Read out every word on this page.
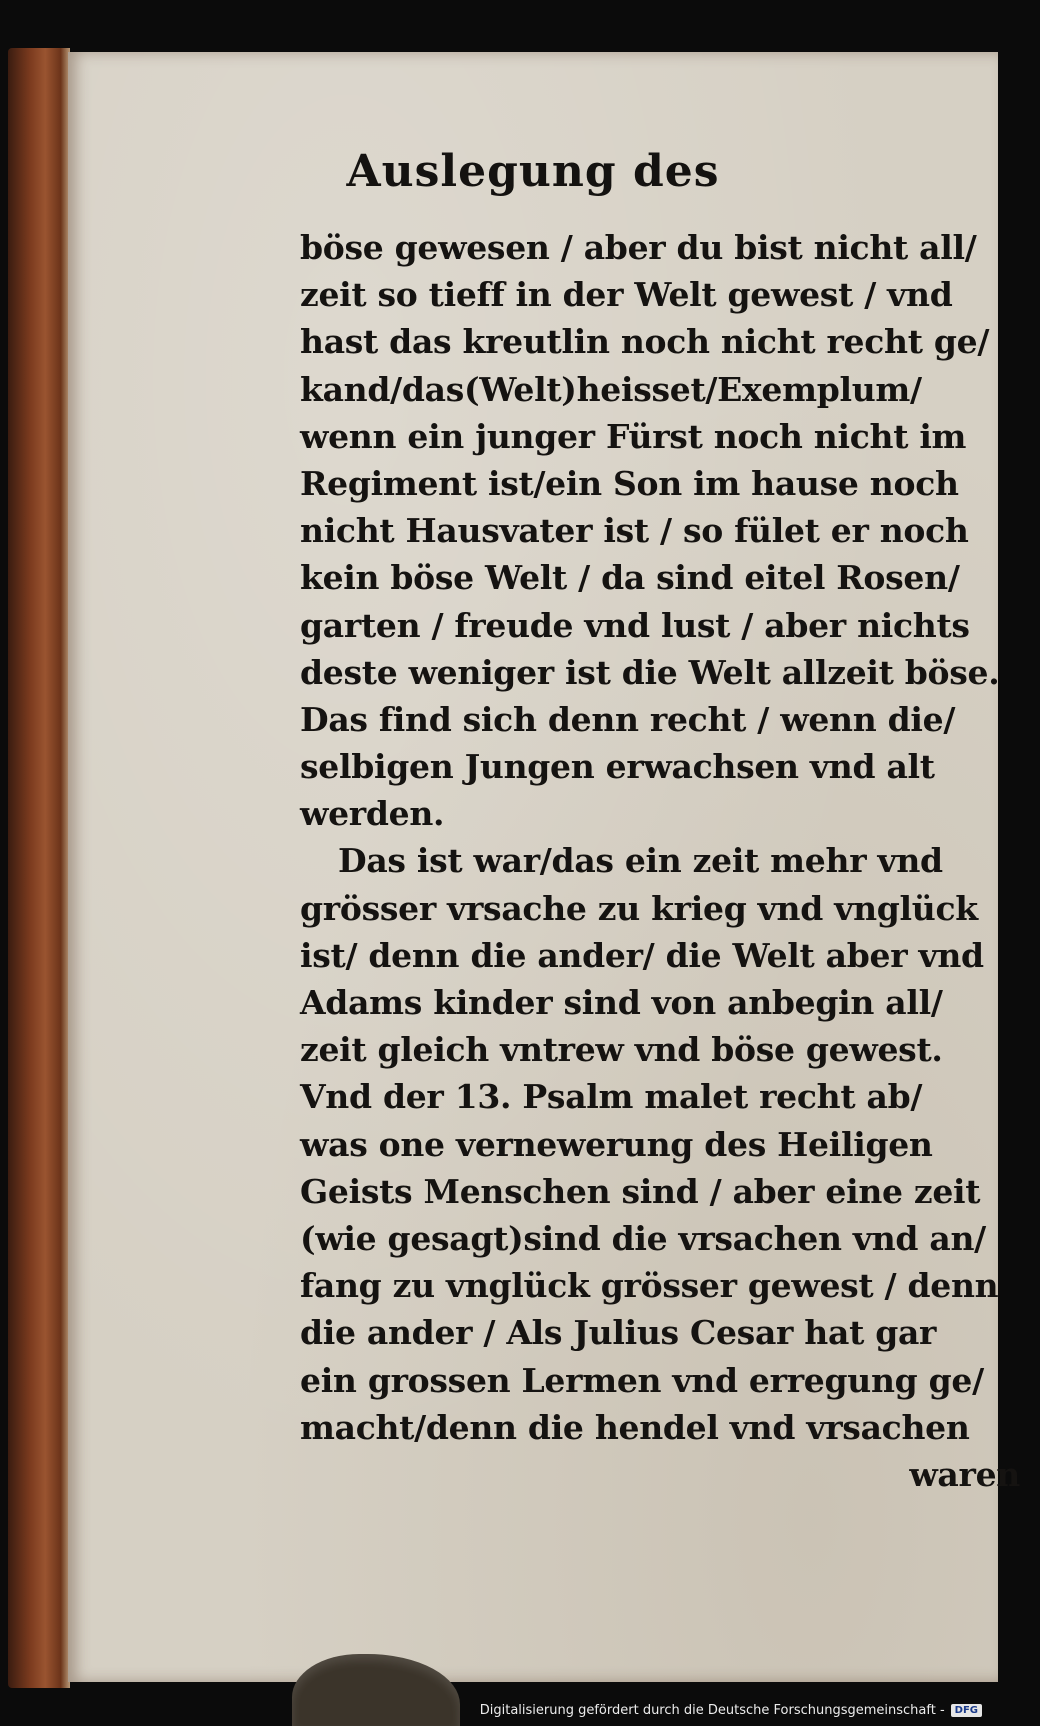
Auslegung des
böse gewesen / aber du bist nicht all/
zeit so tieff in der Welt gewest / vnd
hast das kreutlin noch nicht recht ge/
kand/das(Welt)heisset/Exemplum/
wenn ein junger Fürst noch nicht im
Regiment ist/ein Son im hause noch
nicht Hausvater ist / so fület er noch
kein böse Welt / da sind eitel Rosen/
garten / freude vnd lust / aber nichts
deste weniger ist die Welt allzeit böse.
Das find sich denn recht / wenn die/
selbigen Jungen erwachsen vnd alt
werden.
Das ist war/das ein zeit mehr vnd
grösser vrsache zu krieg vnd vnglück
ist/ denn die ander/ die Welt aber vnd
Adams kinder sind von anbegin all/
zeit gleich vntrew vnd böse gewest.
Vnd der 13. Psalm malet recht ab/
was one vernewerung des Heiligen
Geists Menschen sind / aber eine zeit
(wie gesagt)sind die vrsachen vnd an/
fang zu vnglück grösser gewest / denn
die ander / Als Julius Cesar hat gar
ein grossen Lermen vnd erregung ge/
macht/denn die hendel vnd vrsachen
waren
Digitalisierung gefördert durch die Deutsche Forschungsgemeinschaft -	DFG
